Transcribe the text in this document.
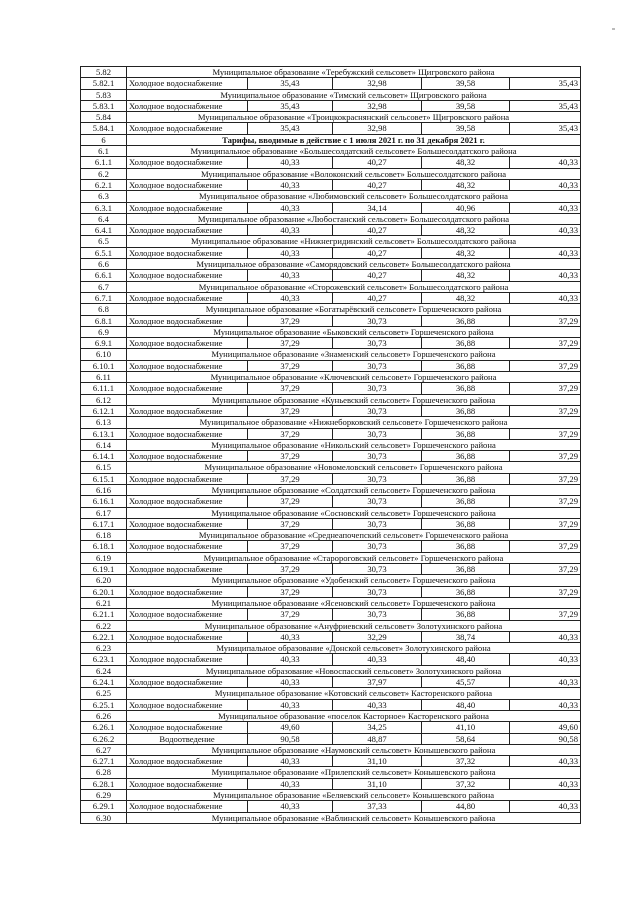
5.82	Муниципальное образование «Теребужский сельсовет» Щигровского района				
5.82.1	Холодное водоснабжение	35,43	32,98	39,58	35,43
5.83	Муниципальное образование «Тимский сельсовет» Щигровского района				
5.83.1	Холодное водоснабжение	35,43	32,98	39,58	35,43
5.84	Муниципальное образование «Троицкокраснянский сельсовет» Щигровского района				
5.84.1	Холодное водоснабжение	35,43	32,98	39,58	35,43
6	Тарифы, вводимые в действие с 1 июля 2021 г. по 31 декабря 2021 г.				
6.1	Муниципальное образование «Большесолдатский сельсовет» Большесолдатского района				
6.1.1	Холодное водоснабжение	40,33	40,27	48,32	40,33
6.2	Муниципальное образование «Волоконский сельсовет» Большесолдатского района				
6.2.1	Холодное водоснабжение	40,33	40,27	48,32	40,33
6.3	Муниципальное образование «Любимовский сельсовет» Большесолдатского района				
6.3.1	Холодное водоснабжение	40,33	34,14	40,96	40,33
6.4	Муниципальное образование «Любостанский сельсовет» Большесолдатского района				
6.4.1	Холодное водоснабжение	40,33	40,27	48,32	40,33
6.5	Муниципальное образование «Нижнегридинский сельсовет» Большесолдатского района				
6.5.1	Холодное водоснабжение	40,33	40,27	48,32	40,33
6.6	Муниципальное образование «Саморядовский сельсовет» Большесолдатского района				
6.6.1	Холодное водоснабжение	40,33	40,27	48,32	40,33
6.7	Муниципальное образование «Сторожевский сельсовет» Большесолдатского района				
6.7.1	Холодное водоснабжение	40,33	40,27	48,32	40,33
6.8	Муниципальное образование «Богатырёвский сельсовет» Горшеченского района				
6.8.1	Холодное водоснабжение	37,29	30,73	36,88	37,29
6.9	Муниципальное образование «Быковский сельсовет» Горшеченского района				
6.9.1	Холодное водоснабжение	37,29	30,73	36,88	37,29
6.10	Муниципальное образование «Знаменский сельсовет» Горшеченского района				
6.10.1	Холодное водоснабжение	37,29	30,73	36,88	37,29
6.11	Муниципальное образование «Ключевский сельсовет» Горшеченского района				
6.11.1	Холодное водоснабжение	37,29	30,73	36,88	37,29
6.12	Муниципальное образование «Куньевский сельсовет» Горшеченского района				
6.12.1	Холодное водоснабжение	37,29	30,73	36,88	37,29
6.13	Муниципальное образование «Нижнеборковский сельсовет» Горшеченского района				
6.13.1	Холодное водоснабжение	37,29	30,73	36,88	37,29
6.14	Муниципальное образование «Никольский сельсовет» Горшеченского района				
6.14.1	Холодное водоснабжение	37,29	30,73	36,88	37,29
6.15	Муниципальное образование «Новомеловский сельсовет» Горшеченского района				
6.15.1	Холодное водоснабжение	37,29	30,73	36,88	37,29
6.16	Муниципальное образование «Солдатский сельсовет» Горшеченского района				
6.16.1	Холодное водоснабжение	37,29	30,73	36,88	37,29
6.17	Муниципальное образование «Сосновский сельсовет» Горшеченского района				
6.17.1	Холодное водоснабжение	37,29	30,73	36,88	37,29
6.18	Муниципальное образование «Среднеапочепский сельсовет» Горшеченского района				
6.18.1	Холодное водоснабжение	37,29	30,73	36,88	37,29
6.19	Муниципальное образование «Старороговский сельсовет» Горшеченского района				
6.19.1	Холодное водоснабжение	37,29	30,73	36,88	37,29
6.20	Муниципальное образование «Удобенский сельсовет» Горшеченского района				
6.20.1	Холодное водоснабжение	37,29	30,73	36,88	37,29
6.21	Муниципальное образование «Ясеновский сельсовет» Горшеченского района				
6.21.1	Холодное водоснабжение	37,29	30,73	36,88	37,29
6.22	Муниципальное образование «Ануфриевский сельсовет» Золотухинского района				
6.22.1	Холодное водоснабжение	40,33	32,29	38,74	40,33
6.23	Муниципальное образование «Донской сельсовет» Золотухинского района				
6.23.1	Холодное водоснабжение	40,33	40,33	48,40	40,33
6.24	Муниципальное образование «Новоспасский сельсовет» Золотухинского района				
6.24.1	Холодное водоснабжение	40,33	37,97	45,57	40,33
6.25	Муниципальное образование «Котовский сельсовет» Касторенского района				
6.25.1	Холодное водоснабжение	40,33	40,33	48,40	40,33
6.26	Муниципальное образование «поселок Касторное» Касторенского района				
6.26.1	Холодное водоснабжение	49,60	34,25	41,10	49,60
6.26.2	Водоотведение	90,58	48,87	58,64	90,58
6.27	Муниципальное образование «Наумовский сельсовет» Конышевского района				
6.27.1	Холодное водоснабжение	40,33	31,10	37,32	40,33
6.28	Муниципальное образование «Прилепский сельсовет» Конышевского района				
6.28.1	Холодное водоснабжение	40,33	31,10	37,32	40,33
6.29	Муниципальное образование «Беляевский сельсовет» Конышевского района				
6.29.1	Холодное водоснабжение	40,33	37,33	44,80	40,33
6.30	Муниципальное образование «Ваблинский сельсовет» Конышевского района				
